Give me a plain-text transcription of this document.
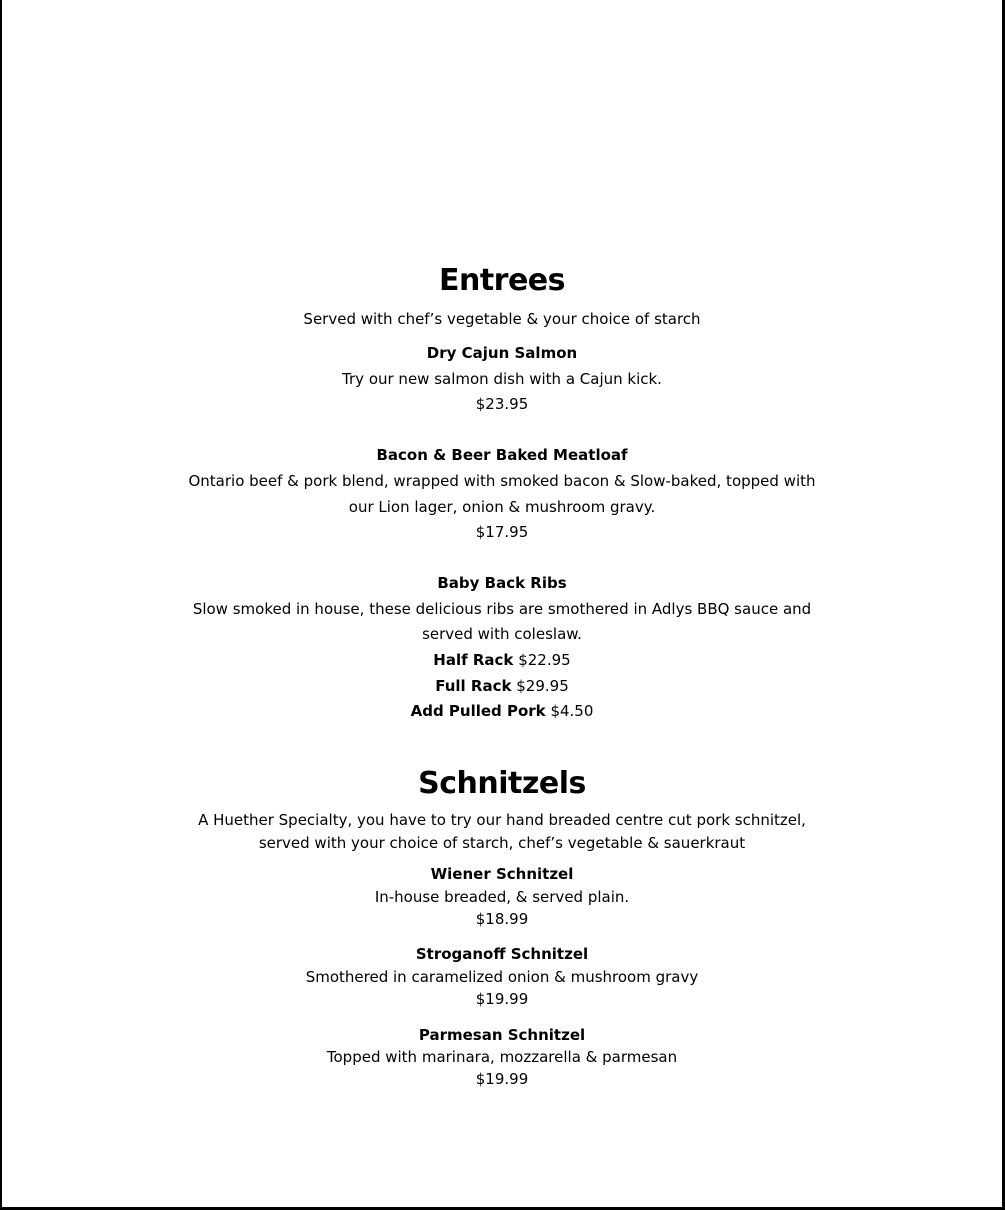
Entrees

Served with chef’s vegetable & your choice of starch

Dry Cajun Salmon

Try our new salmon dish with a Cajun kick.

$23.95

Bacon & Beer Baked Meatloaf

Ontario beef & pork blend, wrapped with smoked bacon & Slow-baked, topped with

our Lion lager, onion & mushroom gravy.

$17.95

Baby Back Ribs

Slow smoked in house, these delicious ribs are smothered in Adlys BBQ sauce and

served with coleslaw.

Half Rack $22.95

Full Rack $29.95

Add Pulled Pork $4.50

Schnitzels

A Huether Specialty, you have to try our hand breaded centre cut pork schnitzel,

served with your choice of starch, chef’s vegetable & sauerkraut

Wiener Schnitzel

In-house breaded, & served plain.

$18.99

Stroganoff Schnitzel

Smothered in caramelized onion & mushroom gravy

$19.99

Parmesan Schnitzel

Topped with marinara, mozzarella & parmesan

$19.99
